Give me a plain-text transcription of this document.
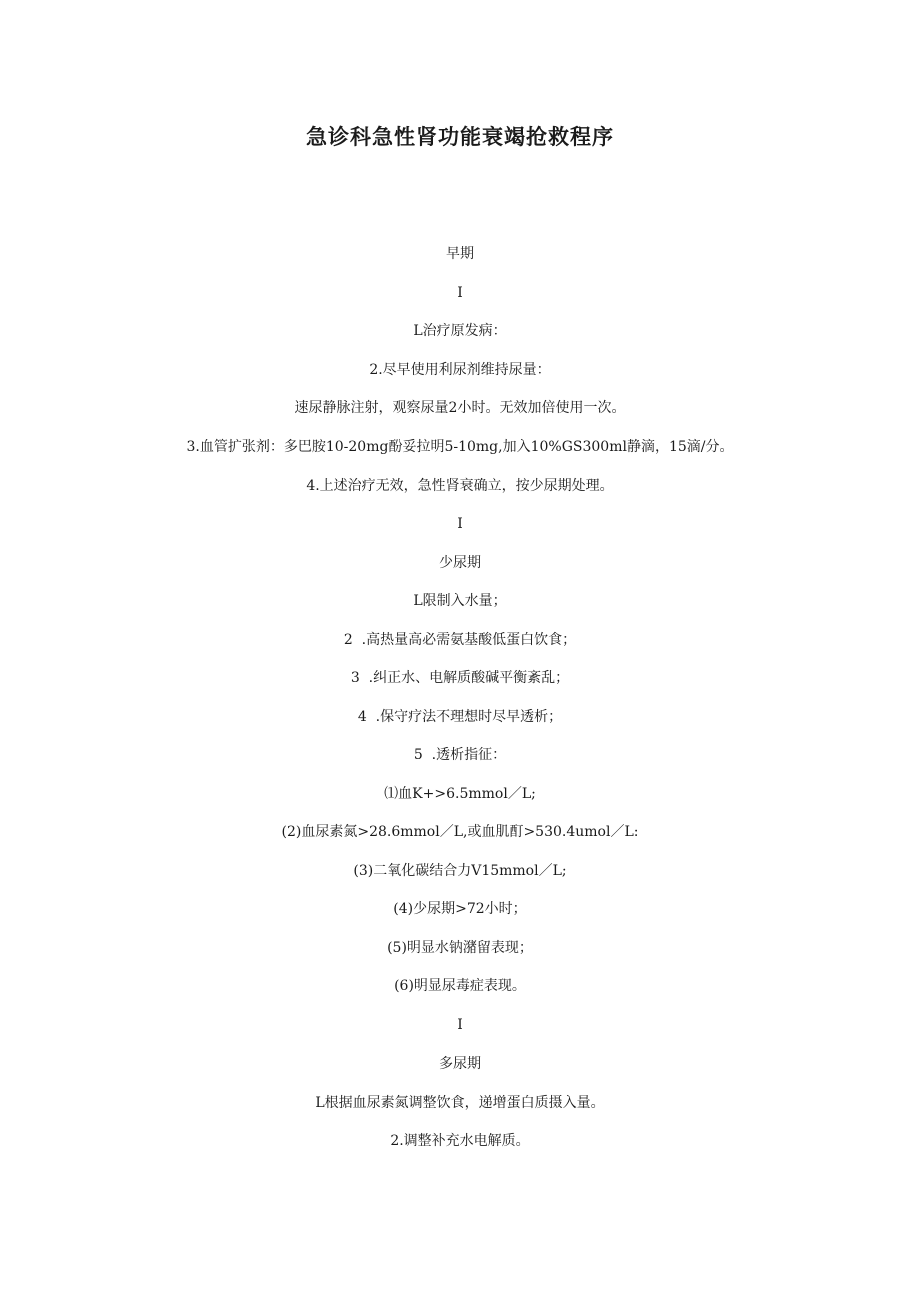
急诊科急性肾功能衰竭抢救程序

早期

I

L治疗原发病：

2.尽早使用利尿剂维持尿量：

速尿静脉注射，观察尿量2小时。无效加倍使用一次。

3.血管扩张剂：多巴胺10-20mg酚妥拉明5-10mg,加入10%GS300ml静滴，15滴/分。

4.上述治疗无效，急性肾衰确立，按少尿期处理。

I

少尿期

L限制入水量；

2  .高热量高必需氨基酸低蛋白饮食；

3  .纠正水、电解质酸碱平衡紊乱；

4  .保守疗法不理想时尽早透析；

5  .透析指征：

⑴血K+>6.5mmol／L;

(2)血尿素氮>28.6mmol／L,或血肌酊>530.4umol／L:

(3)二氧化碳结合力V15mmol／L;

(4)少尿期>72小时；

(5)明显水钠潴留表现；

(6)明显尿毒症表现。

I

多尿期

L根据血尿素氮调整饮食，递增蛋白质摄入量。

2.调整补充水电解质。
